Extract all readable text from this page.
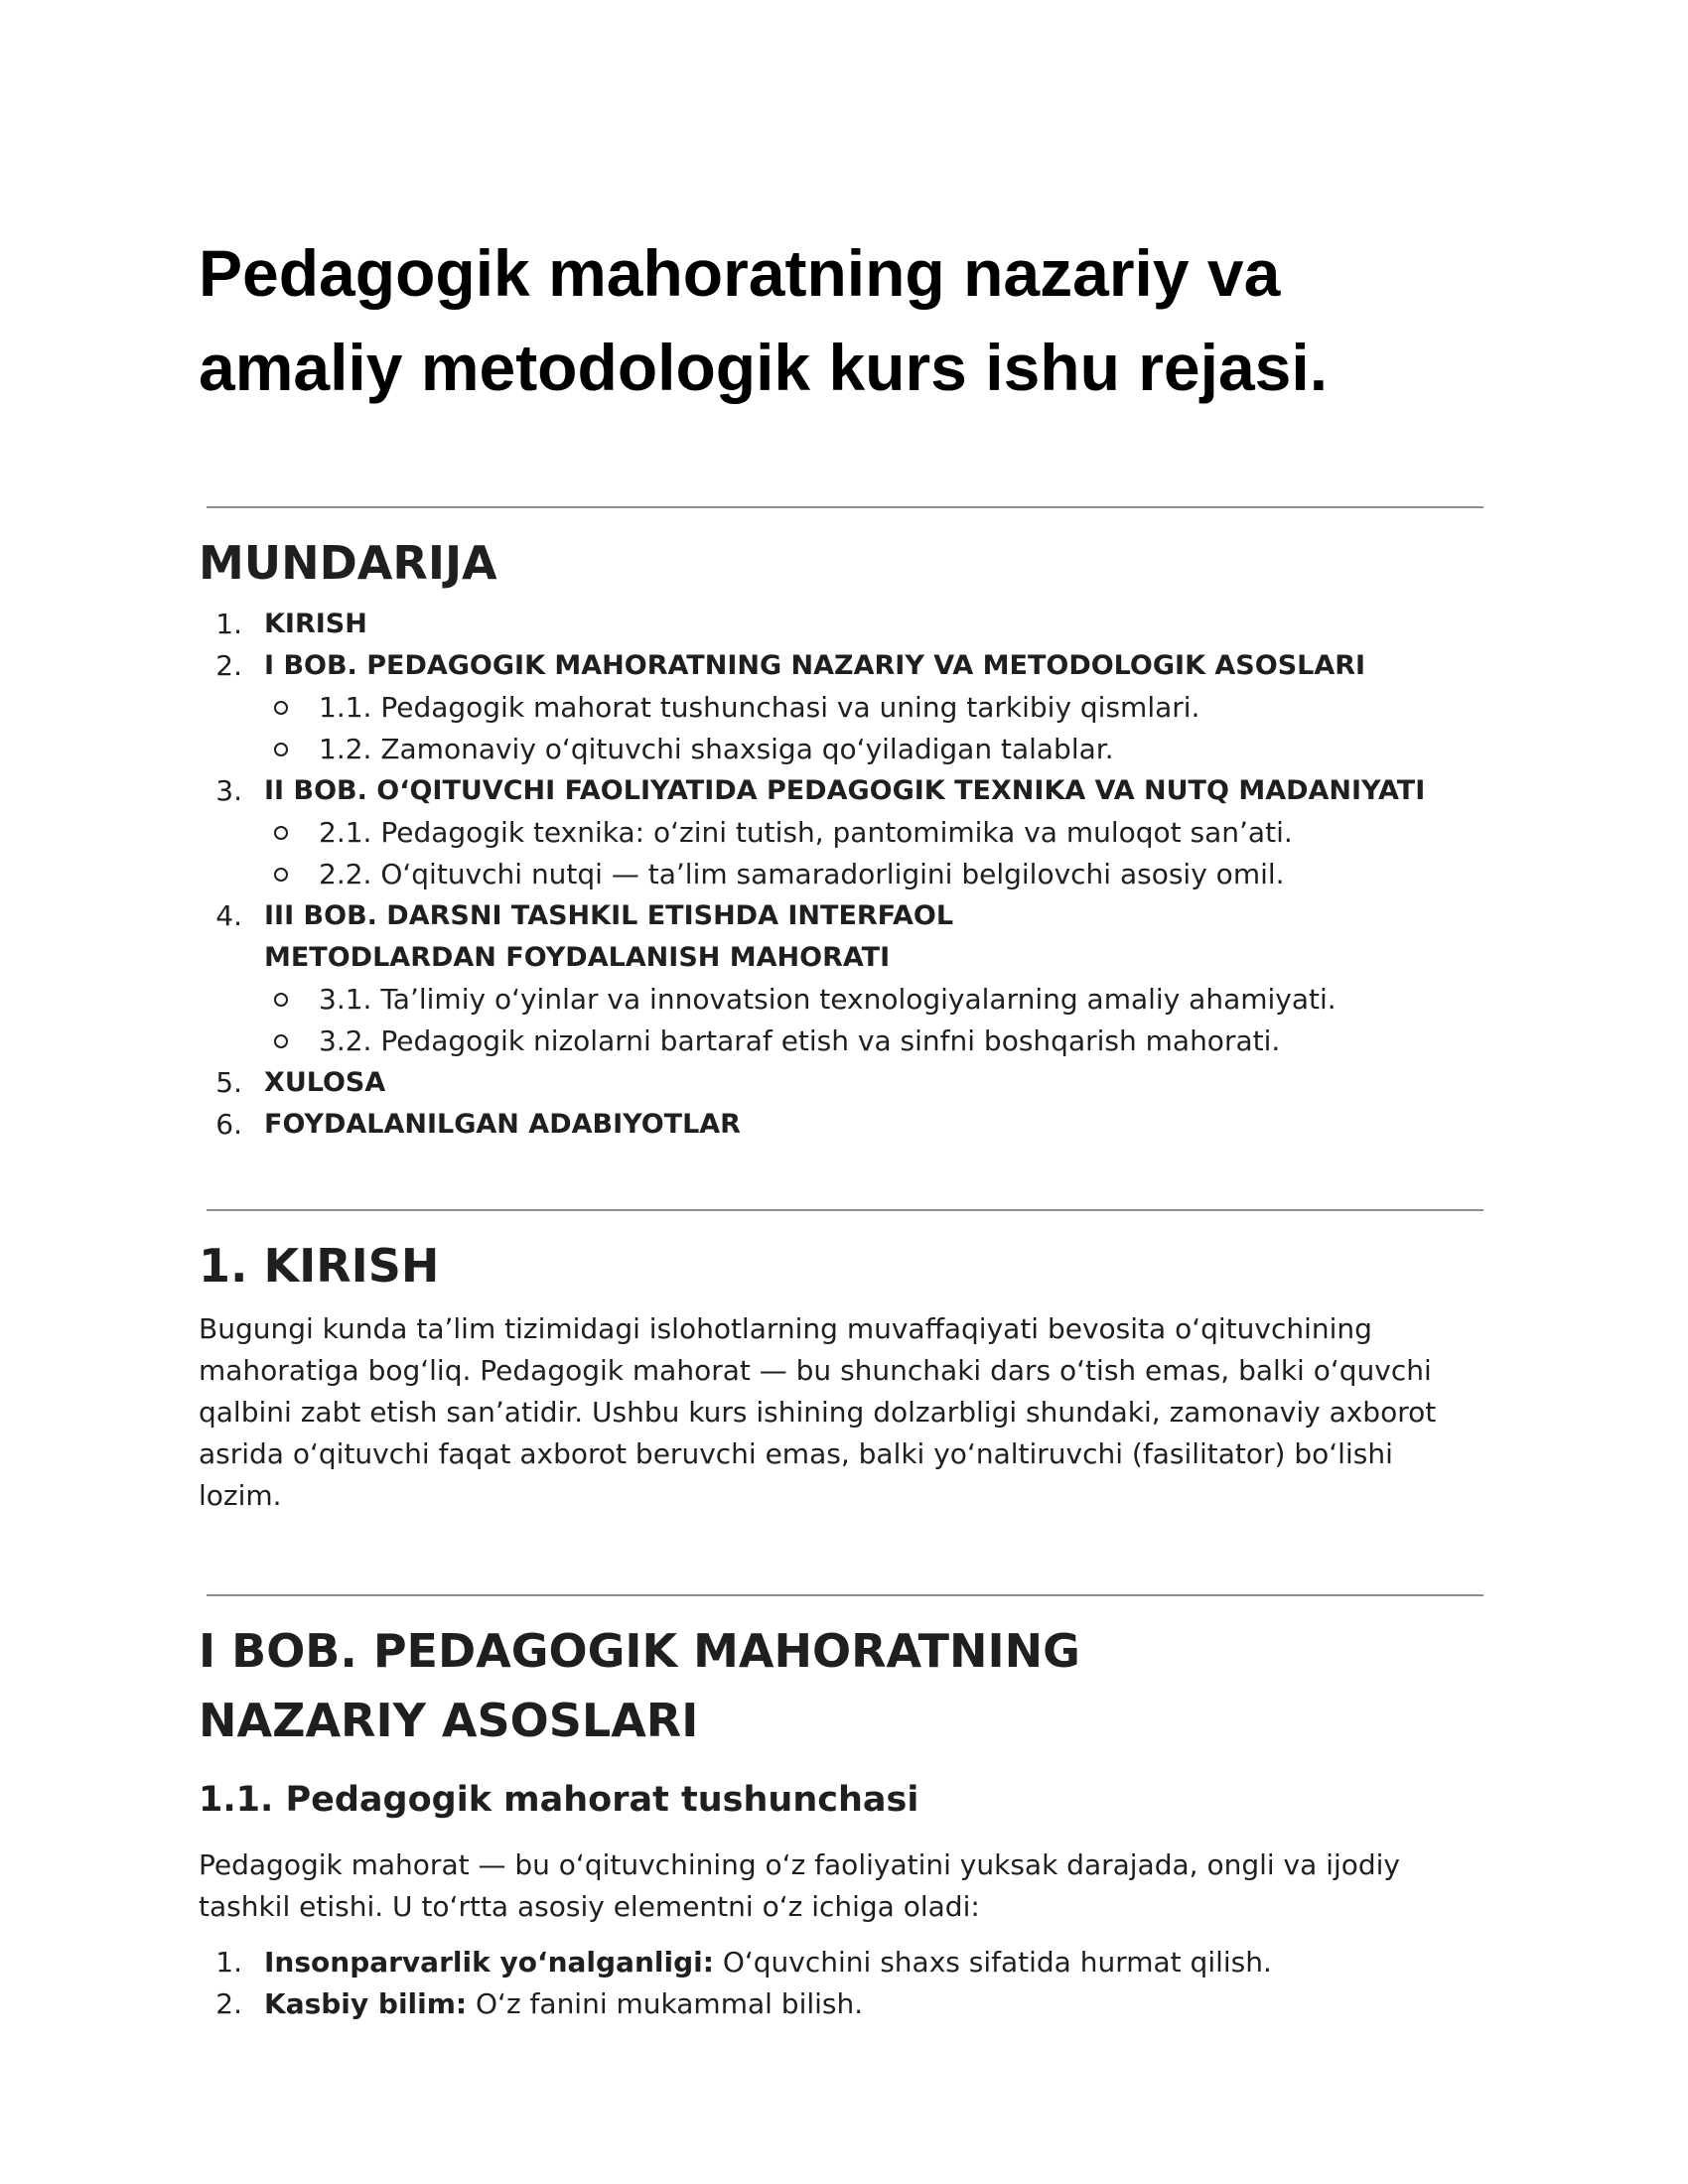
Pedagogik mahoratning nazariy va amaliy metodologik kurs ishu rejasi.
MUNDARIJA
1. KIRISH
2. I BOB. PEDAGOGIK MAHORATNING NAZARIY VA METODOLOGIK ASOSLARI
1.1. Pedagogik mahorat tushunchasi va uning tarkibiy qismlari.
1.2. Zamonaviy oʻqituvchi shaxsiga qoʻyiladigan talablar.
3. II BOB. OʻQITUVCHI FAOLIYATIDA PEDAGOGIK TEXNIKA VA NUTQ MADANIYATI
2.1. Pedagogik texnika: oʻzini tutish, pantomimika va muloqot sanʼati.
2.2. Oʻqituvchi nutqi — taʼlim samaradorligini belgilovchi asosiy omil.
4. III BOB. DARSNI TASHKIL ETISHDA INTERFAOL METODLARDAN FOYDALANISH MAHORATI
3.1. Taʼlimiy oʻyinlar va innovatsion texnologiyalarning amaliy ahamiyati.
3.2. Pedagogik nizolarni bartaraf etish va sinfni boshqarish mahorati.
5. XULOSA
6. FOYDALANILGAN ADABIYOTLAR
1. KIRISH

Bugungi kunda taʼlim tizimidagi islohotlarning muvaffaqiyati bevosita oʻqituvchining mahoratiga bogʻliq. Pedagogik mahorat — bu shunchaki dars oʻtish emas, balki oʻquvchi qalbini zabt etish sanʼatidir. Ushbu kurs ishining dolzarbligi shundaki, zamonaviy axborot asrida oʻqituvchi faqat axborot beruvchi emas, balki yoʻnaltiruvchi (fasilitator) boʻlishi lozim.

I BOB. PEDAGOGIK MAHORATNING NAZARIY ASOSLARI
1.1. Pedagogik mahorat tushunchasi

Pedagogik mahorat — bu oʻqituvchining oʻz faoliyatini yuksak darajada, ongli va ijodiy tashkil etishi. U toʻrtta asosiy elementni oʻz ichiga oladi:

1. Insonparvarlik yoʻnalganligi: Oʻquvchini shaxs sifatida hurmat qilish.
2. Kasbiy bilim: Oʻz fanini mukammal bilish.
